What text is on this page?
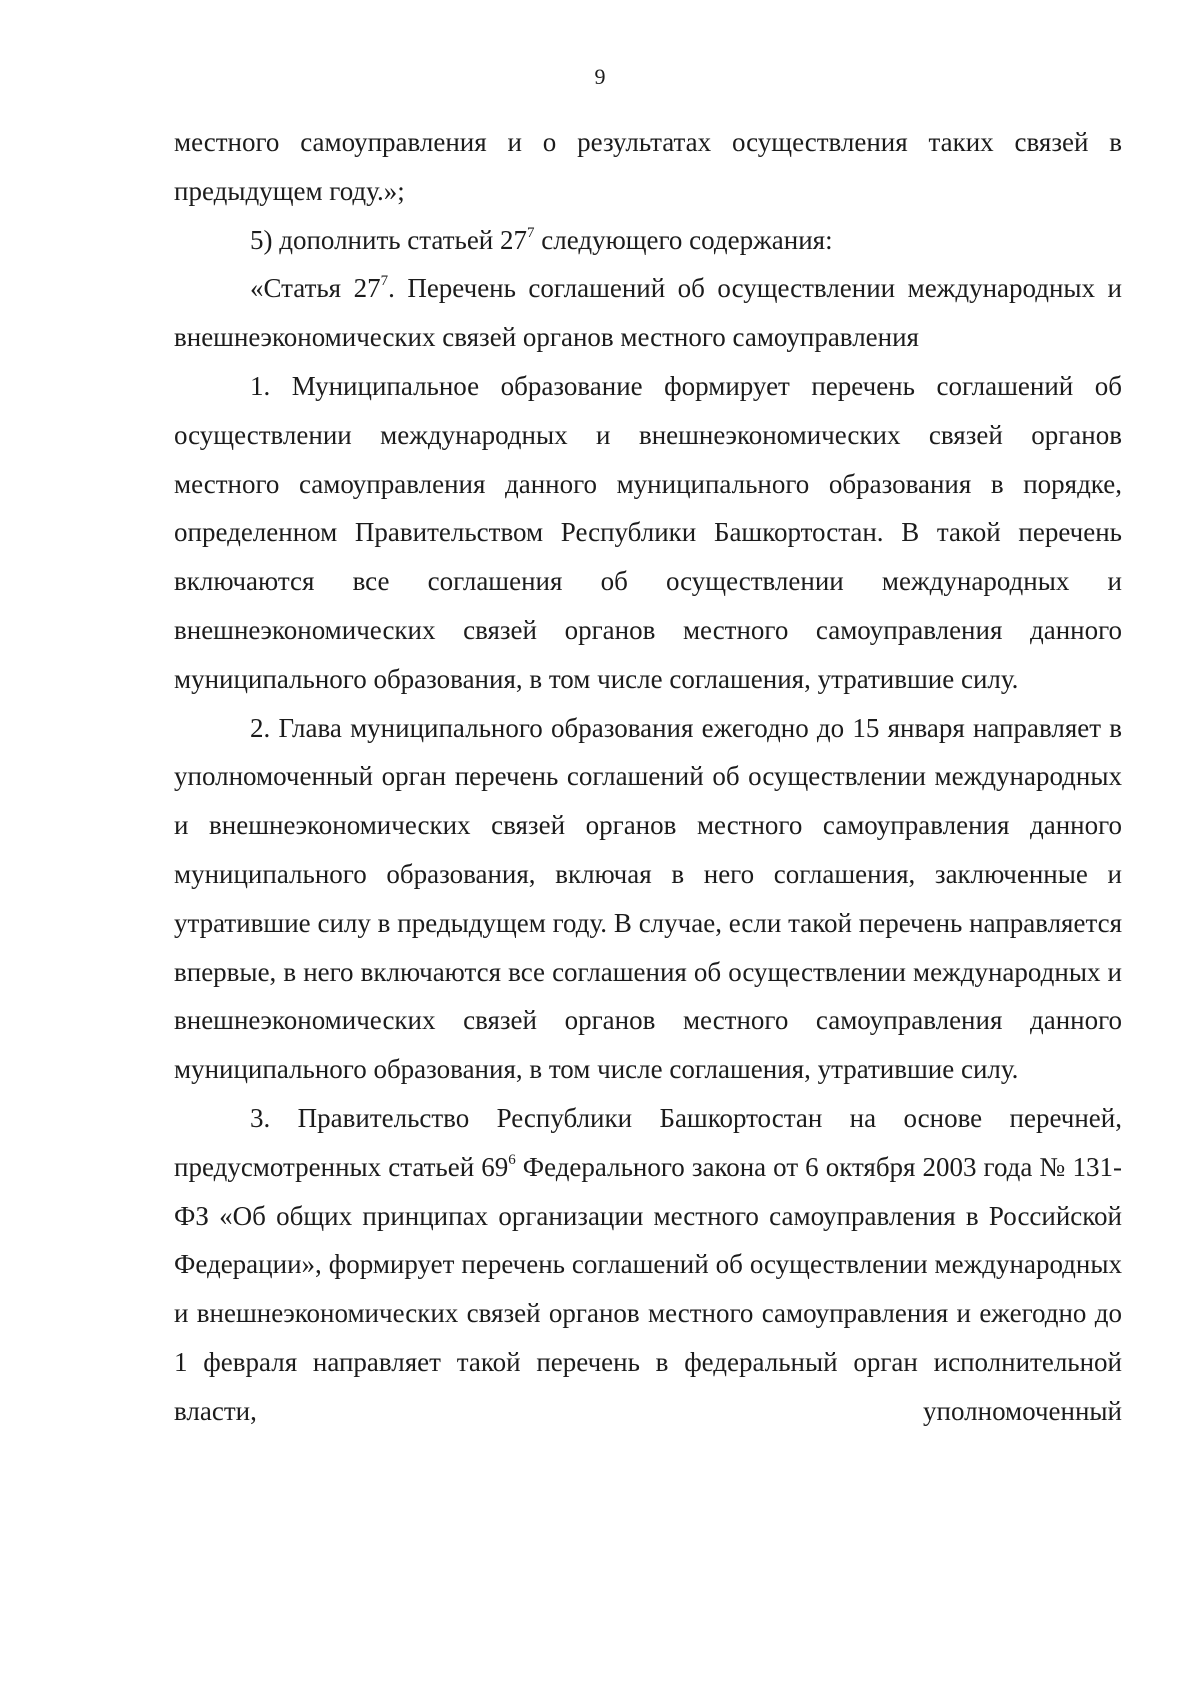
9

местного самоуправления и о результатах осуществления таких связей в предыдущем году.»;

5) дополнить статьей $27^7$ следующего содержания:

«Статья $27^7$. Перечень соглашений об осуществлении международных и внешнеэкономических связей органов местного самоуправления

1. Муниципальное образование формирует перечень соглашений об осуществлении международных и внешнеэкономических связей органов местного самоуправления данного муниципального образования в порядке, определенном Правительством Республики Башкортостан. В такой перечень включаются все соглашения об осуществлении международных и внешнеэкономических связей органов местного самоуправления данного муниципального образования, в том числе соглашения, утратившие силу.

2. Глава муниципального образования ежегодно до 15 января направляет в уполномоченный орган перечень соглашений об осуществлении международных и внешнеэкономических связей органов местного самоуправления данного муниципального образования, включая в него соглашения, заключенные и утратившие силу в предыдущем году. В случае, если такой перечень направляется впервые, в него включаются все соглашения об осуществлении международных и внешнеэкономических связей органов местного самоуправления данного муниципального образования, в том числе соглашения, утратившие силу.

3. Правительство Республики Башкортостан на основе перечней, предусмотренных статьей $69^6$ Федерального закона от 6 октября 2003 года № 131-ФЗ «Об общих принципах организации местного самоуправления в Российской Федерации», формирует перечень соглашений об осуществлении международных и внешнеэкономических связей органов местного самоуправления и ежегодно до 1 февраля направляет такой перечень в федеральный орган исполнительной власти, уполномоченный
